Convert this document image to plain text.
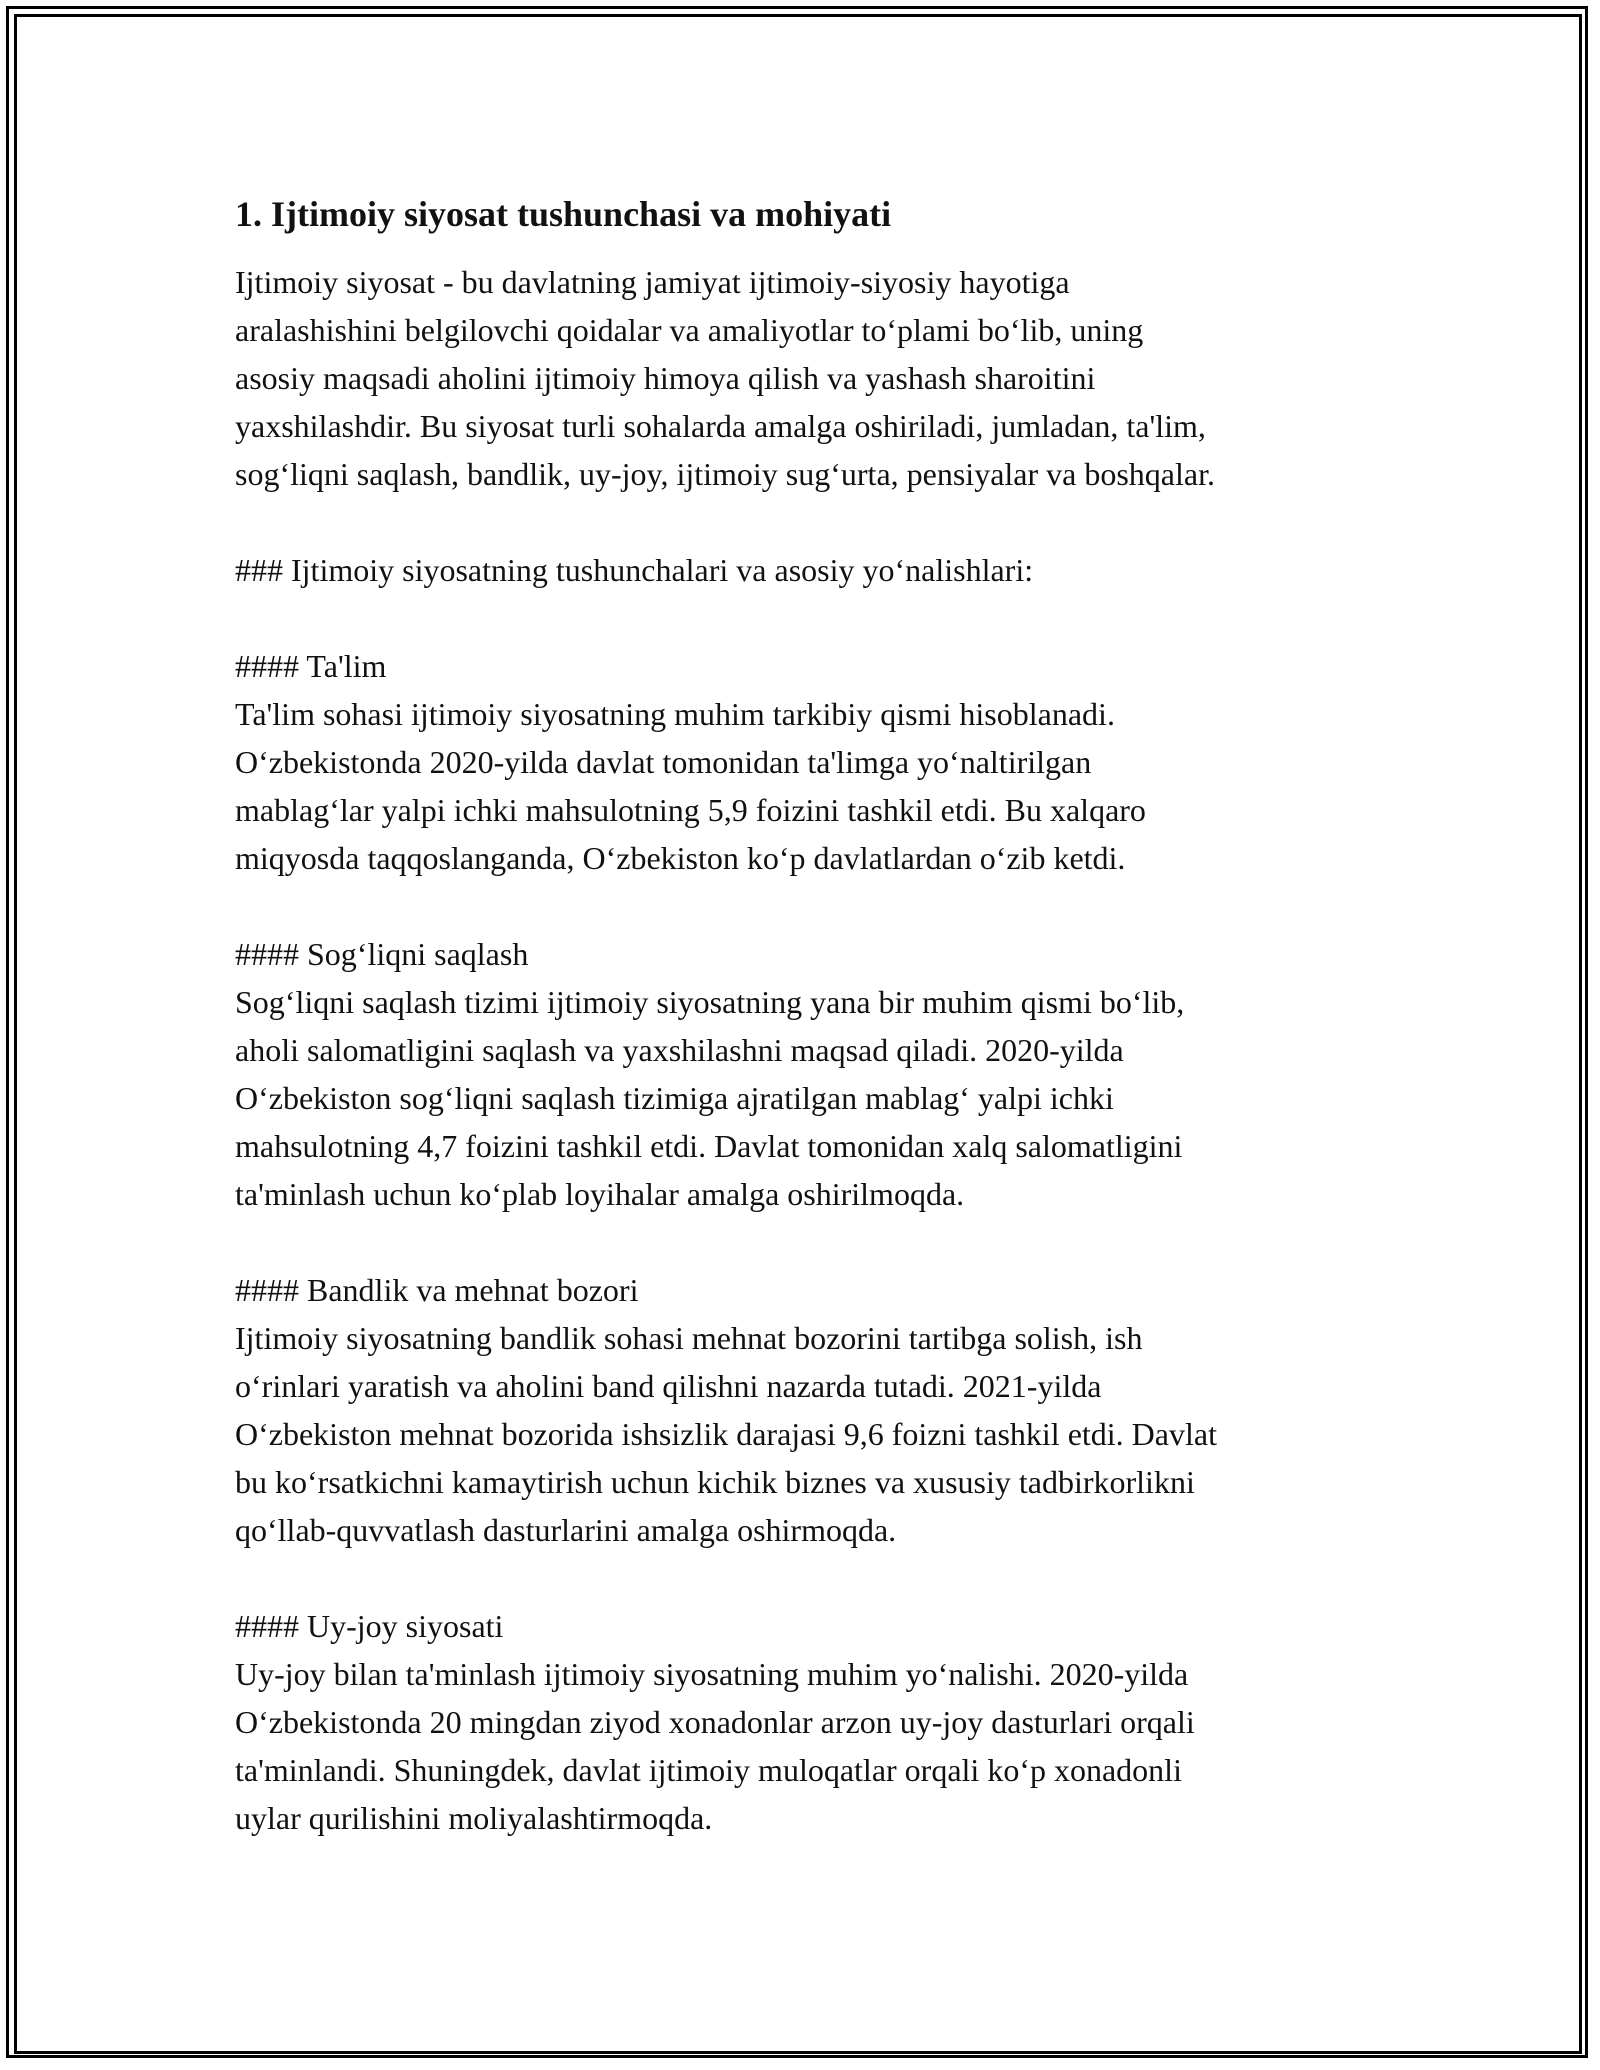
1. Ijtimoiy siyosat tushunchasi va mohiyati
Ijtimoiy siyosat - bu davlatning jamiyat ijtimoiy-siyosiy hayotiga
aralashishini belgilovchi qoidalar va amaliyotlar to‘plami bo‘lib, uning
asosiy maqsadi aholini ijtimoiy himoya qilish va yashash sharoitini
yaxshilashdir. Bu siyosat turli sohalarda amalga oshiriladi, jumladan, ta'lim,
sog‘liqni saqlash, bandlik, uy-joy, ijtimoiy sug‘urta, pensiyalar va boshqalar.
### Ijtimoiy siyosatning tushunchalari va asosiy yo‘nalishlari:
#### Ta'lim
Ta'lim sohasi ijtimoiy siyosatning muhim tarkibiy qismi hisoblanadi.
O‘zbekistonda 2020-yilda davlat tomonidan ta'limga yo‘naltirilgan
mablag‘lar yalpi ichki mahsulotning 5,9 foizini tashkil etdi. Bu xalqaro
miqyosda taqqoslanganda, O‘zbekiston ko‘p davlatlardan o‘zib ketdi.
#### Sog‘liqni saqlash
Sog‘liqni saqlash tizimi ijtimoiy siyosatning yana bir muhim qismi bo‘lib,
aholi salomatligini saqlash va yaxshilashni maqsad qiladi. 2020-yilda
O‘zbekiston sog‘liqni saqlash tizimiga ajratilgan mablag‘ yalpi ichki
mahsulotning 4,7 foizini tashkil etdi. Davlat tomonidan xalq salomatligini
ta'minlash uchun ko‘plab loyihalar amalga oshirilmoqda.
#### Bandlik va mehnat bozori
Ijtimoiy siyosatning bandlik sohasi mehnat bozorini tartibga solish, ish
o‘rinlari yaratish va aholini band qilishni nazarda tutadi. 2021-yilda
O‘zbekiston mehnat bozorida ishsizlik darajasi 9,6 foizni tashkil etdi. Davlat
bu ko‘rsatkichni kamaytirish uchun kichik biznes va xususiy tadbirkorlikni
qo‘llab-quvvatlash dasturlarini amalga oshirmoqda.
#### Uy-joy siyosati
Uy-joy bilan ta'minlash ijtimoiy siyosatning muhim yo‘nalishi. 2020-yilda
O‘zbekistonda 20 mingdan ziyod xonadonlar arzon uy-joy dasturlari orqali
ta'minlandi. Shuningdek, davlat ijtimoiy muloqatlar orqali ko‘p xonadonli
uylar qurilishini moliyalashtirmoqda.
